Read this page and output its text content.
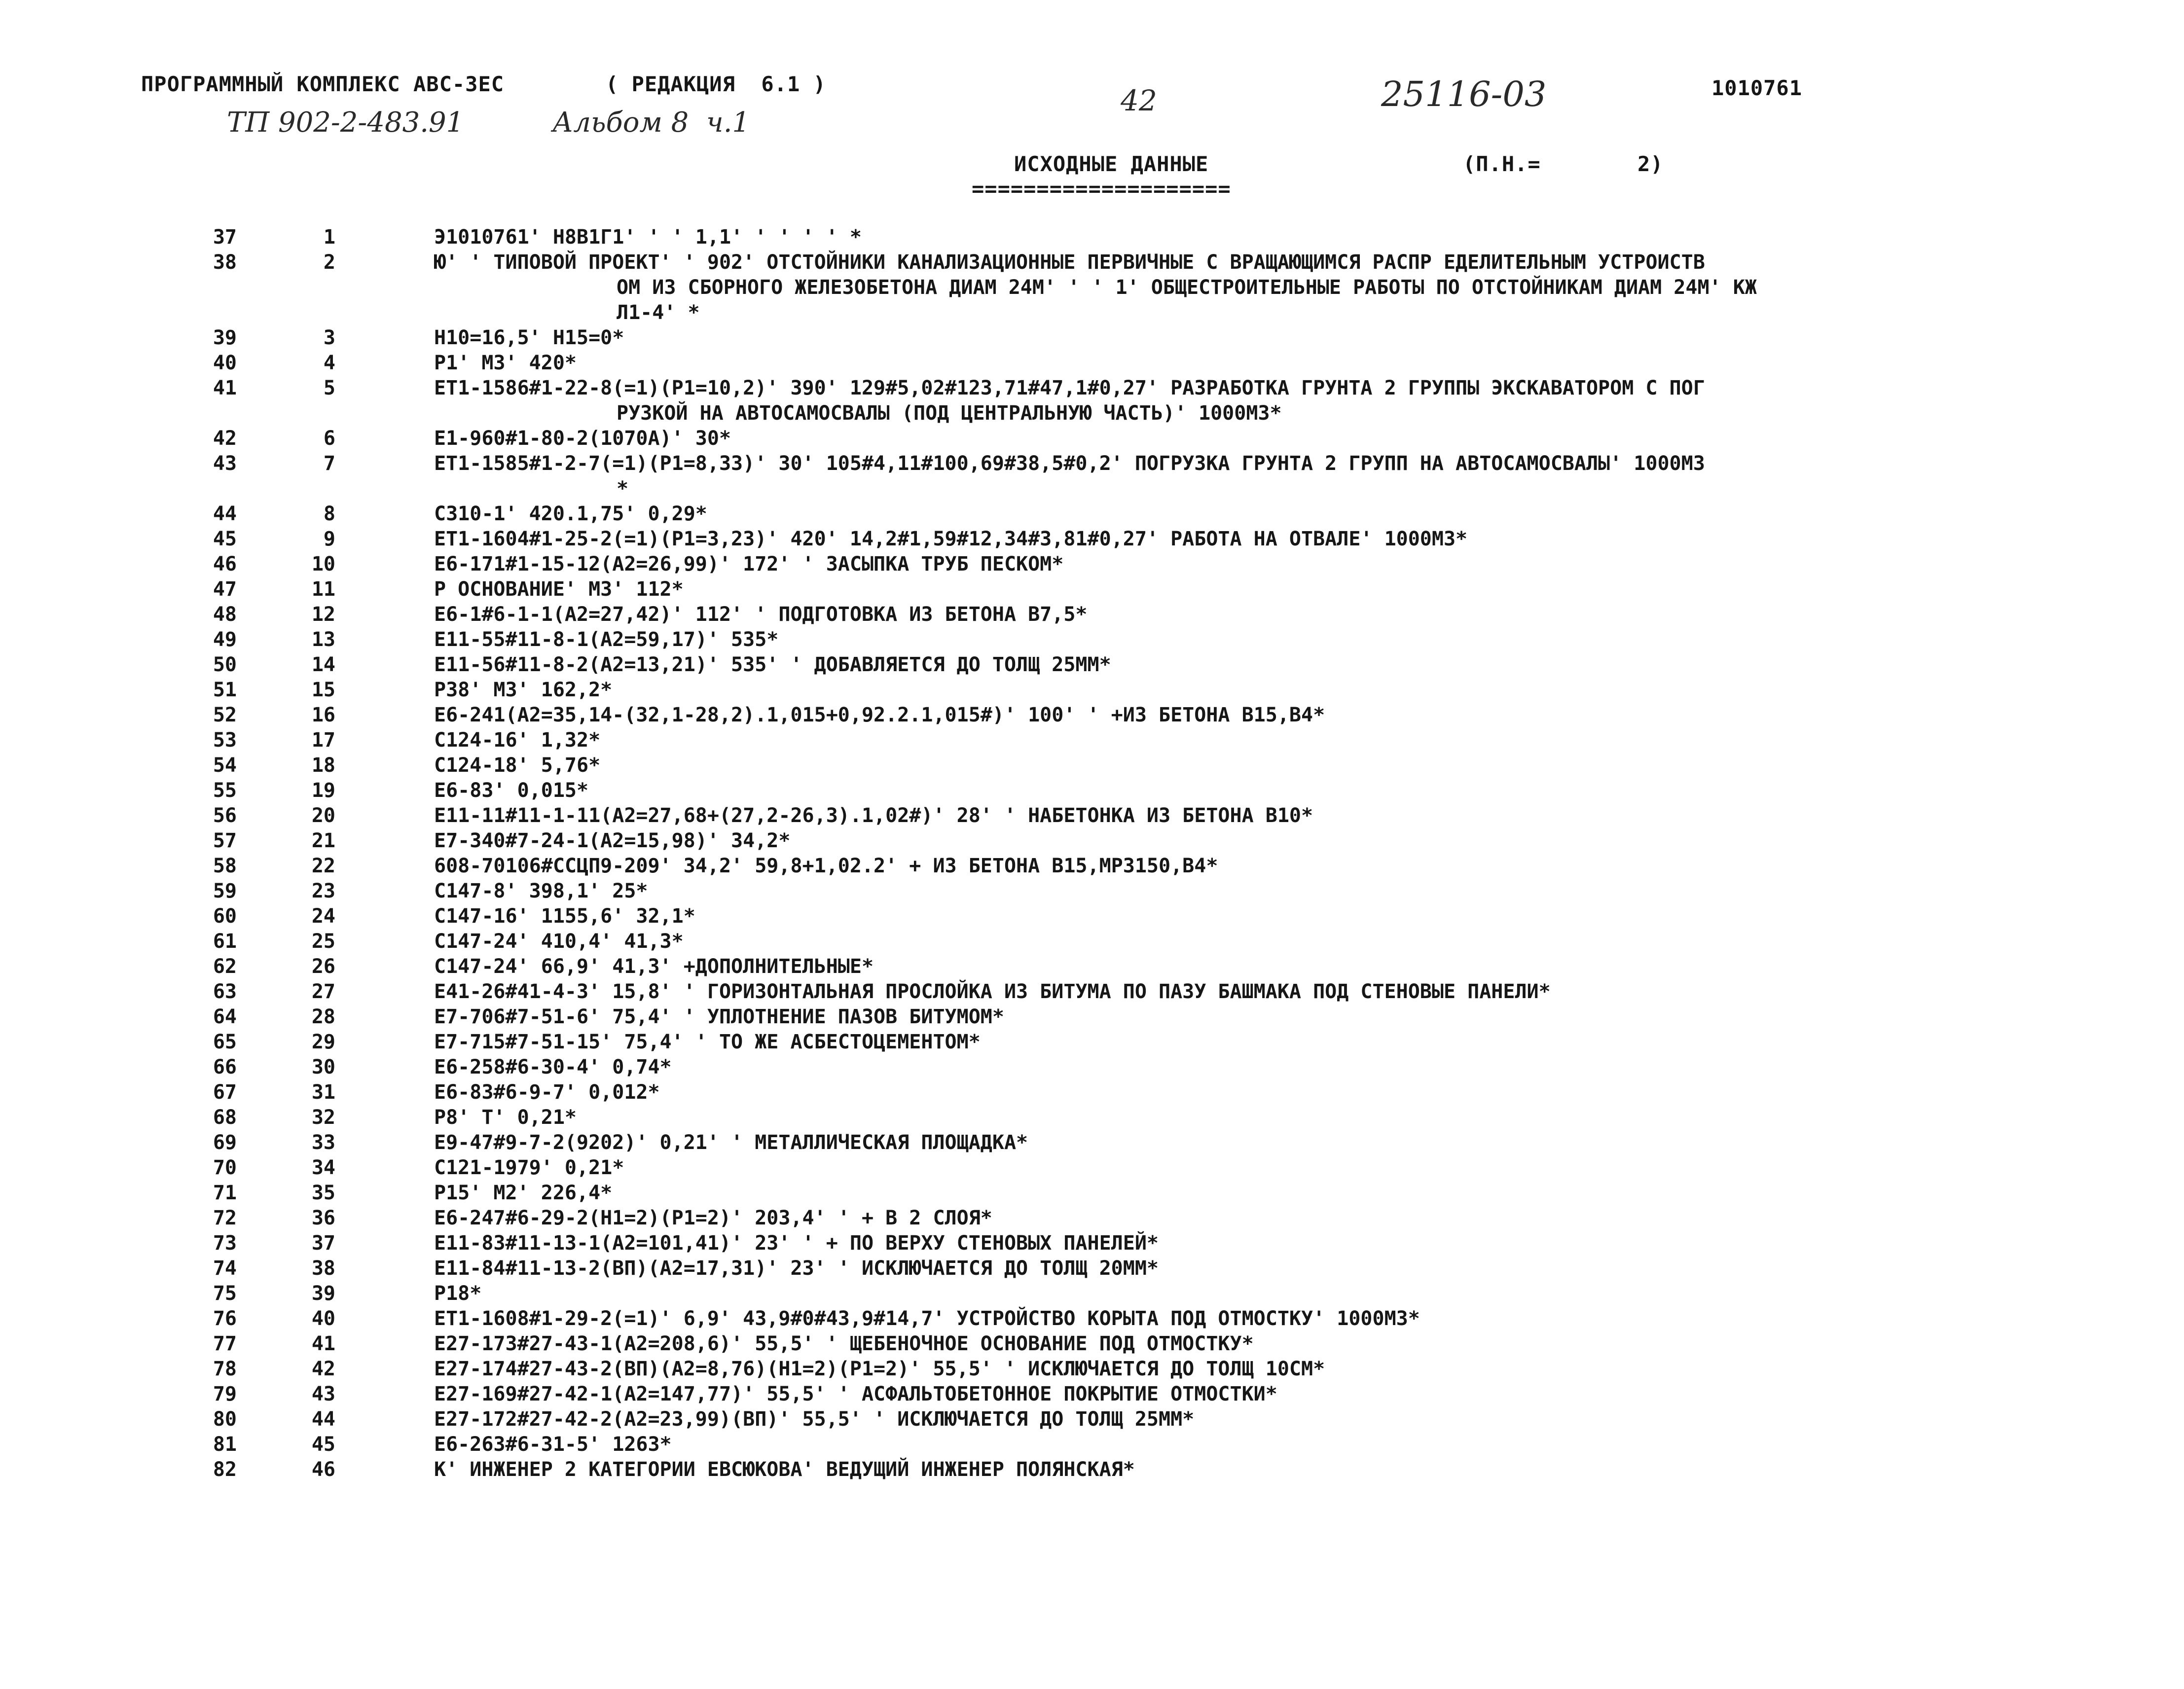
ПРОГРАММНЫЙ КОМПЛЕКС АВС-3ЕС	( РЕДАКЦИЯ  6.1 )	42	25116-03	1010761
ТП 902-2-483.91	Альбом 8  ч.1
ИСХОДНЫЕ ДАННЫЕ
====================
(П.Н.=	2)
37	1	Э1010761' Н8В1Г1' ' ' 1,1' ' ' ' ' *
38	2	Ю' ' ТИПОВОЙ ПРОЕКТ' ' 902' ОТСТОЙНИКИ КАНАЛИЗАЦИОННЫЕ ПЕРВИЧНЫЕ С ВРАЩАЮЩИМСЯ РАСПР ЕДЕЛИТЕЛЬНЫМ УСТРОИСТВ
ОМ ИЗ СБОРНОГО ЖЕЛЕЗОБЕТОНА ДИАМ 24М' ' ' 1' ОБЩЕСТРОИТЕЛЬНЫЕ РАБОТЫ ПО ОТСТОЙНИКАМ ДИАМ 24М' КЖ
Л1-4' *
39	3	Н10=16,5' Н15=0*
40	4	Р1' М3' 420*
41	5	ЕТ1-1586#1-22-8(=1)(Р1=10,2)' 390' 129#5,02#123,71#47,1#0,27' РАЗРАБОТКА ГРУНТА 2 ГРУППЫ ЭКСКАВАТОРОМ С ПОГ
РУЗКОЙ НА АВТОСАМОСВАЛЫ (ПОД ЦЕНТРАЛЬНУЮ ЧАСТЬ)' 1000М3*
42	6	Е1-960#1-80-2(1070А)' 30*
43	7	ЕТ1-1585#1-2-7(=1)(Р1=8,33)' 30' 105#4,11#100,69#38,5#0,2' ПОГРУЗКА ГРУНТА 2 ГРУПП НА АВТОСАМОСВАЛЫ' 1000М3
*
44	8	С310-1' 420.1,75' 0,29*
45	9	ЕТ1-1604#1-25-2(=1)(Р1=3,23)' 420' 14,2#1,59#12,34#3,81#0,27' РАБОТА НА ОТВАЛЕ' 1000М3*
46	10	Е6-171#1-15-12(А2=26,99)' 172' ' ЗАСЫПКА ТРУБ ПЕСКОМ*
47	11	Р ОСНОВАНИЕ' М3' 112*
48	12	Е6-1#6-1-1(А2=27,42)' 112' ' ПОДГОТОВКА ИЗ БЕТОНА В7,5*
49	13	Е11-55#11-8-1(А2=59,17)' 535*
50	14	Е11-56#11-8-2(А2=13,21)' 535' ' ДОБАВЛЯЕТСЯ ДО ТОЛЩ 25ММ*
51	15	Р38' М3' 162,2*
52	16	Е6-241(А2=35,14-(32,1-28,2).1,015+0,92.2.1,015#)' 100' ' +ИЗ БЕТОНА В15,В4*
53	17	С124-16' 1,32*
54	18	С124-18' 5,76*
55	19	Е6-83' 0,015*
56	20	Е11-11#11-1-11(А2=27,68+(27,2-26,3).1,02#)' 28' ' НАБЕТОНКА ИЗ БЕТОНА В10*
57	21	Е7-340#7-24-1(А2=15,98)' 34,2*
58	22	608-70106#ССЦП9-209' 34,2' 59,8+1,02.2' + ИЗ БЕТОНА В15,МРЗ150,В4*
59	23	С147-8' 398,1' 25*
60	24	С147-16' 1155,6' 32,1*
61	25	С147-24' 410,4' 41,3*
62	26	С147-24' 66,9' 41,3' +ДОПОЛНИТЕЛЬНЫЕ*
63	27	Е41-26#41-4-3' 15,8' ' ГОРИЗОНТАЛЬНАЯ ПРОСЛОЙКА ИЗ БИТУМА ПО ПАЗУ БАШМАКА ПОД СТЕНОВЫЕ ПАНЕЛИ*
64	28	Е7-706#7-51-6' 75,4' ' УПЛОТНЕНИЕ ПАЗОВ БИТУМОМ*
65	29	Е7-715#7-51-15' 75,4' ' ТО ЖЕ АСБЕСТОЦЕМЕНТОМ*
66	30	Е6-258#6-30-4' 0,74*
67	31	Е6-83#6-9-7' 0,012*
68	32	Р8' Т' 0,21*
69	33	Е9-47#9-7-2(9202)' 0,21' ' МЕТАЛЛИЧЕСКАЯ ПЛОЩАДКА*
70	34	С121-1979' 0,21*
71	35	Р15' М2' 226,4*
72	36	Е6-247#6-29-2(Н1=2)(Р1=2)' 203,4' ' + В 2 СЛОЯ*
73	37	Е11-83#11-13-1(А2=101,41)' 23' ' + ПО ВЕРХУ СТЕНОВЫХ ПАНЕЛЕЙ*
74	38	Е11-84#11-13-2(ВП)(А2=17,31)' 23' ' ИСКЛЮЧАЕТСЯ ДО ТОЛЩ 20ММ*
75	39	Р18*
76	40	ЕТ1-1608#1-29-2(=1)' 6,9' 43,9#0#43,9#14,7' УСТРОЙСТВО КОРЫТА ПОД ОТМОСТКУ' 1000М3*
77	41	Е27-173#27-43-1(А2=208,6)' 55,5' ' ЩЕБЕНОЧНОЕ ОСНОВАНИЕ ПОД ОТМОСТКУ*
78	42	Е27-174#27-43-2(ВП)(А2=8,76)(Н1=2)(Р1=2)' 55,5' ' ИСКЛЮЧАЕТСЯ ДО ТОЛЩ 10СМ*
79	43	Е27-169#27-42-1(А2=147,77)' 55,5' ' АСФАЛЬТОБЕТОННОЕ ПОКРЫТИЕ ОТМОСТКИ*
80	44	Е27-172#27-42-2(А2=23,99)(ВП)' 55,5' ' ИСКЛЮЧАЕТСЯ ДО ТОЛЩ 25ММ*
81	45	Е6-263#6-31-5' 1263*
82	46	К' ИНЖЕНЕР 2 КАТЕГОРИИ ЕВСЮКОВА' ВЕДУЩИЙ ИНЖЕНЕР ПОЛЯНСКАЯ*
